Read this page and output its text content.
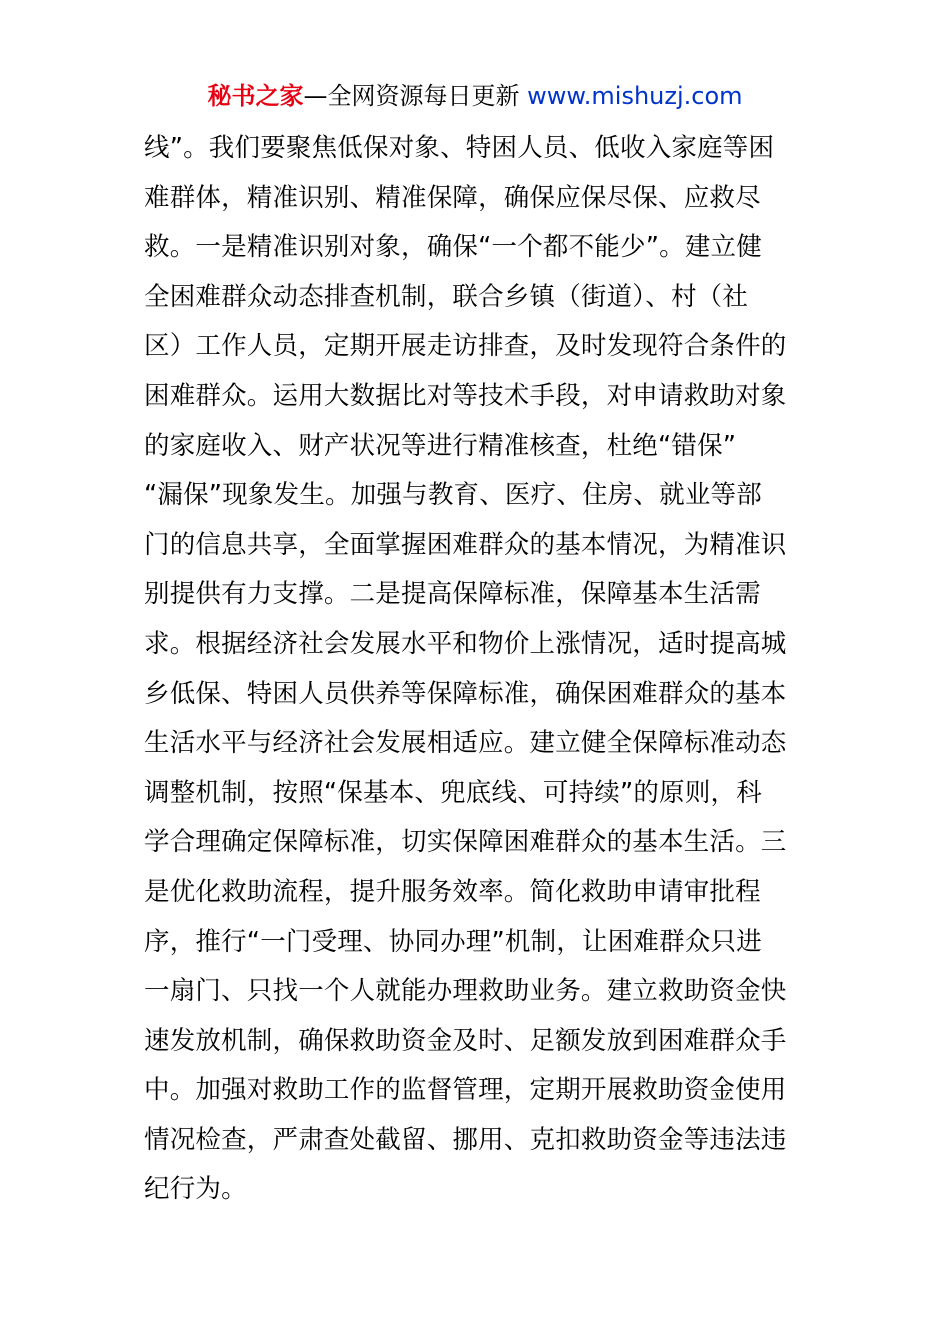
秘书之家—全网资源每日更新 www.mishuzj.com
线”。我们要聚焦低保对象、特困人员、低收入家庭等困
难群体，精准识别、精准保障，确保应保尽保、应救尽
救。一是精准识别对象，确保“一个都不能少”。建立健
全困难群众动态排查机制，联合乡镇（街道）、村（社
区）工作人员，定期开展走访排查，及时发现符合条件的
困难群众。运用大数据比对等技术手段，对申请救助对象
的家庭收入、财产状况等进行精准核查，杜绝“错保”
“漏保”现象发生。加强与教育、医疗、住房、就业等部
门的信息共享，全面掌握困难群众的基本情况，为精准识
别提供有力支撑。二是提高保障标准，保障基本生活需
求。根据经济社会发展水平和物价上涨情况，适时提高城
乡低保、特困人员供养等保障标准，确保困难群众的基本
生活水平与经济社会发展相适应。建立健全保障标准动态
调整机制，按照“保基本、兜底线、可持续”的原则，科
学合理确定保障标准，切实保障困难群众的基本生活。三
是优化救助流程，提升服务效率。简化救助申请审批程
序，推行“一门受理、协同办理”机制，让困难群众只进
一扇门、只找一个人就能办理救助业务。建立救助资金快
速发放机制，确保救助资金及时、足额发放到困难群众手
中。加强对救助工作的监督管理，定期开展救助资金使用
情况检查，严肃查处截留、挪用、克扣救助资金等违法违
纪行为。
